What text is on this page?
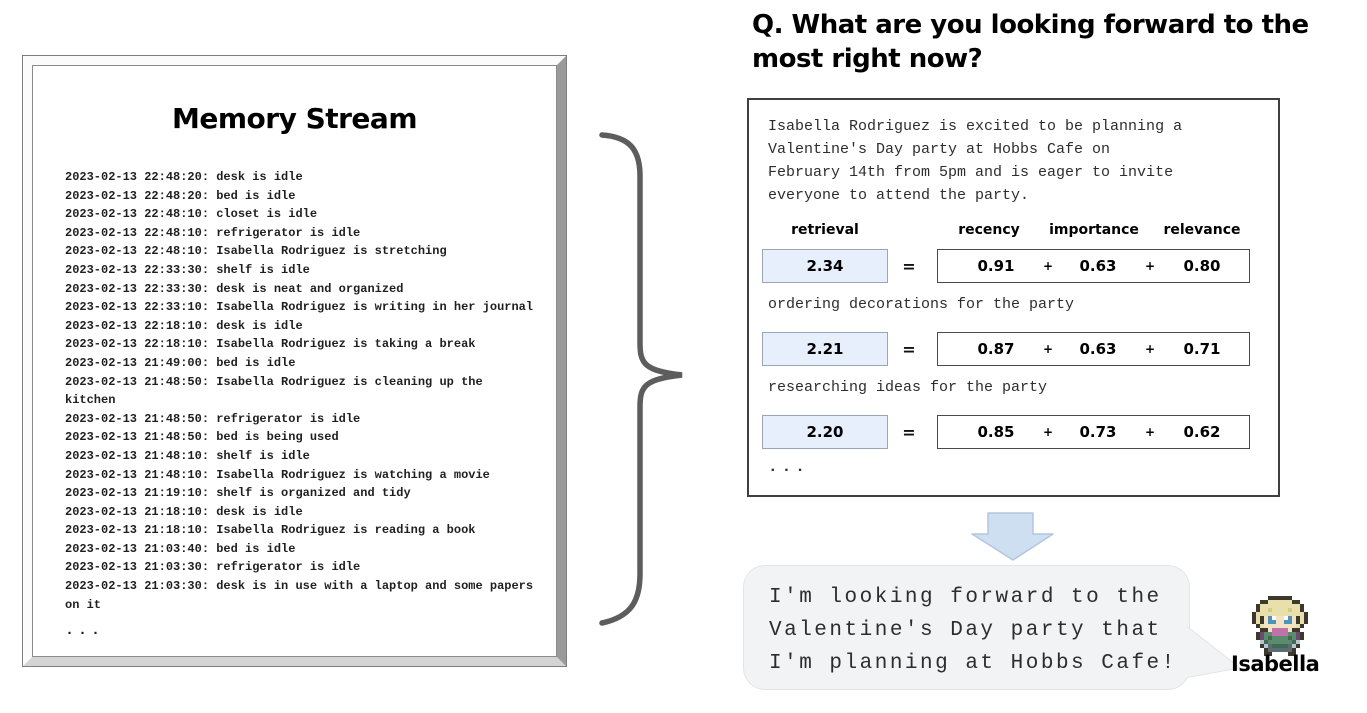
Memory Stream
2023-02-13 22:48:20: desk is idle
2023-02-13 22:48:20: bed is idle
2023-02-13 22:48:10: closet is idle
2023-02-13 22:48:10: refrigerator is idle
2023-02-13 22:48:10: Isabella Rodriguez is stretching
2023-02-13 22:33:30: shelf is idle
2023-02-13 22:33:30: desk is neat and organized
2023-02-13 22:33:10: Isabella Rodriguez is writing in her journal
2023-02-13 22:18:10: desk is idle
2023-02-13 22:18:10: Isabella Rodriguez is taking a break
2023-02-13 21:49:00: bed is idle
2023-02-13 21:48:50: Isabella Rodriguez is cleaning up the kitchen
2023-02-13 21:48:50: refrigerator is idle
2023-02-13 21:48:50: bed is being used
2023-02-13 21:48:10: shelf is idle
2023-02-13 21:48:10: Isabella Rodriguez is watching a movie
2023-02-13 21:19:10: shelf is organized and tidy
2023-02-13 21:18:10: desk is idle
2023-02-13 21:18:10: Isabella Rodriguez is reading a book
2023-02-13 21:03:40: bed is idle
2023-02-13 21:03:30: refrigerator is idle
2023-02-13 21:03:30: desk is in use with a laptop and some papers on it
...
Q. What are you looking forward to the most right now?
Isabella Rodriguez is excited to be planning a Valentine's Day party at Hobbs Cafe on February 14th from 5pm and is eager to invite everyone to attend the party.
retrieval	recency	importance	relevance
2.34	=	0.91	+	0.63	+	0.80
ordering decorations for the party
2.21	=	0.87	+	0.63	+	0.71
researching ideas for the party
2.20	=	0.85	+	0.73	+	0.62
...
I'm looking forward to the
Valentine's Day party that
I'm planning at Hobbs Cafe!	Isabella
